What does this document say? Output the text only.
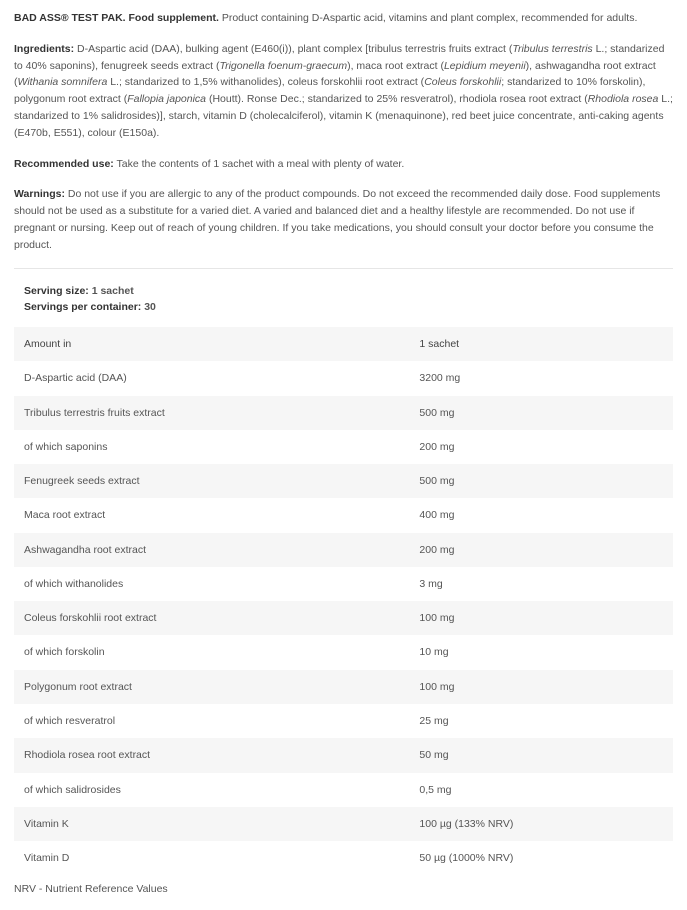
BAD ASS® TEST PAK. Food supplement. Product containing D-Aspartic acid, vitamins and plant complex, recommended for adults.

Ingredients: D-Aspartic acid (DAA), bulking agent (E460(i)), plant complex [tribulus terrestris fruits extract (Tribulus terrestris L.; standarized to 40% saponins), fenugreek seeds extract (Trigonella foenum-graecum), maca root extract (Lepidium meyenii), ashwagandha root extract (Withania somnifera L.; standarized to 1,5% withanolides), coleus forskohlii root extract (Coleus forskohlii; standarized to 10% forskolin), polygonum root extract (Fallopia japonica (Houtt). Ronse Dec.; standarized to 25% resveratrol), rhodiola rosea root extract (Rhodiola rosea L.; standarized to 1% salidrosides)], starch, vitamin D (cholecalciferol), vitamin K (menaquinone), red beet juice concentrate, anti-caking agents (E470b, E551), colour (E150a).

Recommended use: Take the contents of 1 sachet with a meal with plenty of water.

Warnings: Do not use if you are allergic to any of the product compounds. Do not exceed the recommended daily dose. Food supplements should not be used as a substitute for a varied diet. A varied and balanced diet and a healthy lifestyle are recommended. Do not use if pregnant or nursing. Keep out of reach of young children. If you take medications, you should consult your doctor before you consume the product.

Serving size: 1 sachet
Servings per container: 30
Amount in	1 sachet
D-Aspartic acid (DAA)	3200 mg
Tribulus terrestris fruits extract	500 mg
of which saponins	200 mg
Fenugreek seeds extract	500 mg
Maca root extract	400 mg
Ashwagandha root extract	200 mg
of which withanolides	3 mg
Coleus forskohlii root extract	100 mg
of which forskolin	10 mg
Polygonum root extract	100 mg
of which resveratrol	25 mg
Rhodiola rosea root extract	50 mg
of which salidrosides	0,5 mg
Vitamin K	100 µg (133% NRV)
Vitamin D	50 µg (1000% NRV)
NRV - Nutrient Reference Values
